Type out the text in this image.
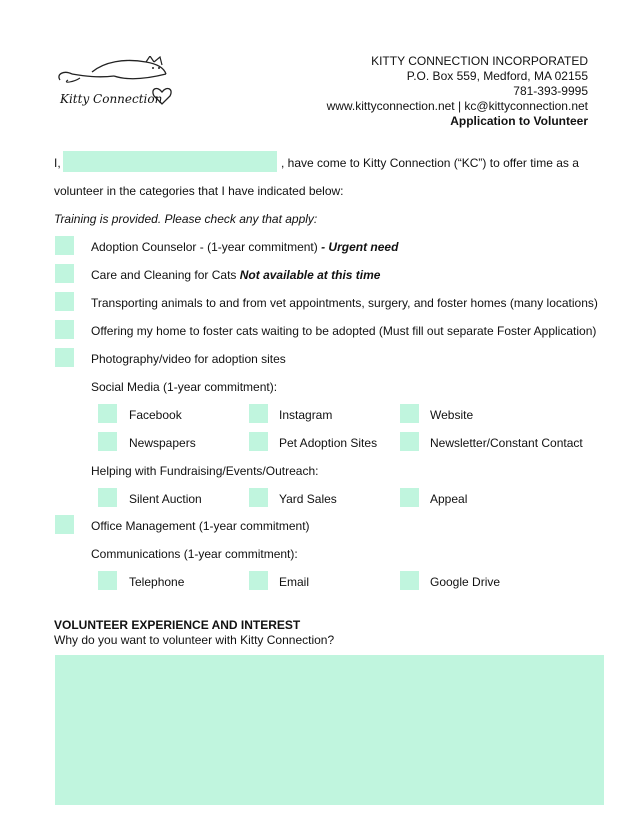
Kitty Connection
KITTY CONNECTION INCORPORATED
P.O. Box 559, Medford, MA 02155
781-393-9995
www.kittyconnection.net | kc@kittyconnection.net
Application to Volunteer
I,	, have come to Kitty Connection (“KC”) to offer time as a
volunteer in the categories that I have indicated below:
Training is provided. Please check any that apply:
Adoption Counselor - (1-year commitment) - Urgent need
Care and Cleaning for Cats Not available at this time
Transporting animals to and from vet appointments, surgery, and foster homes (many locations)
Offering my home to foster cats waiting to be adopted (Must fill out separate Foster Application)
Photography/video for adoption sites
Social Media (1-year commitment):
Facebook	Instagram	Website
Newspapers	Pet Adoption Sites	Newsletter/Constant Contact
Helping with Fundraising/Events/Outreach:
Silent Auction	Yard Sales	Appeal
Office Management (1-year commitment)
Communications (1-year commitment):
Telephone	Email	Google Drive
VOLUNTEER EXPERIENCE AND INTEREST
Why do you want to volunteer with Kitty Connection?
